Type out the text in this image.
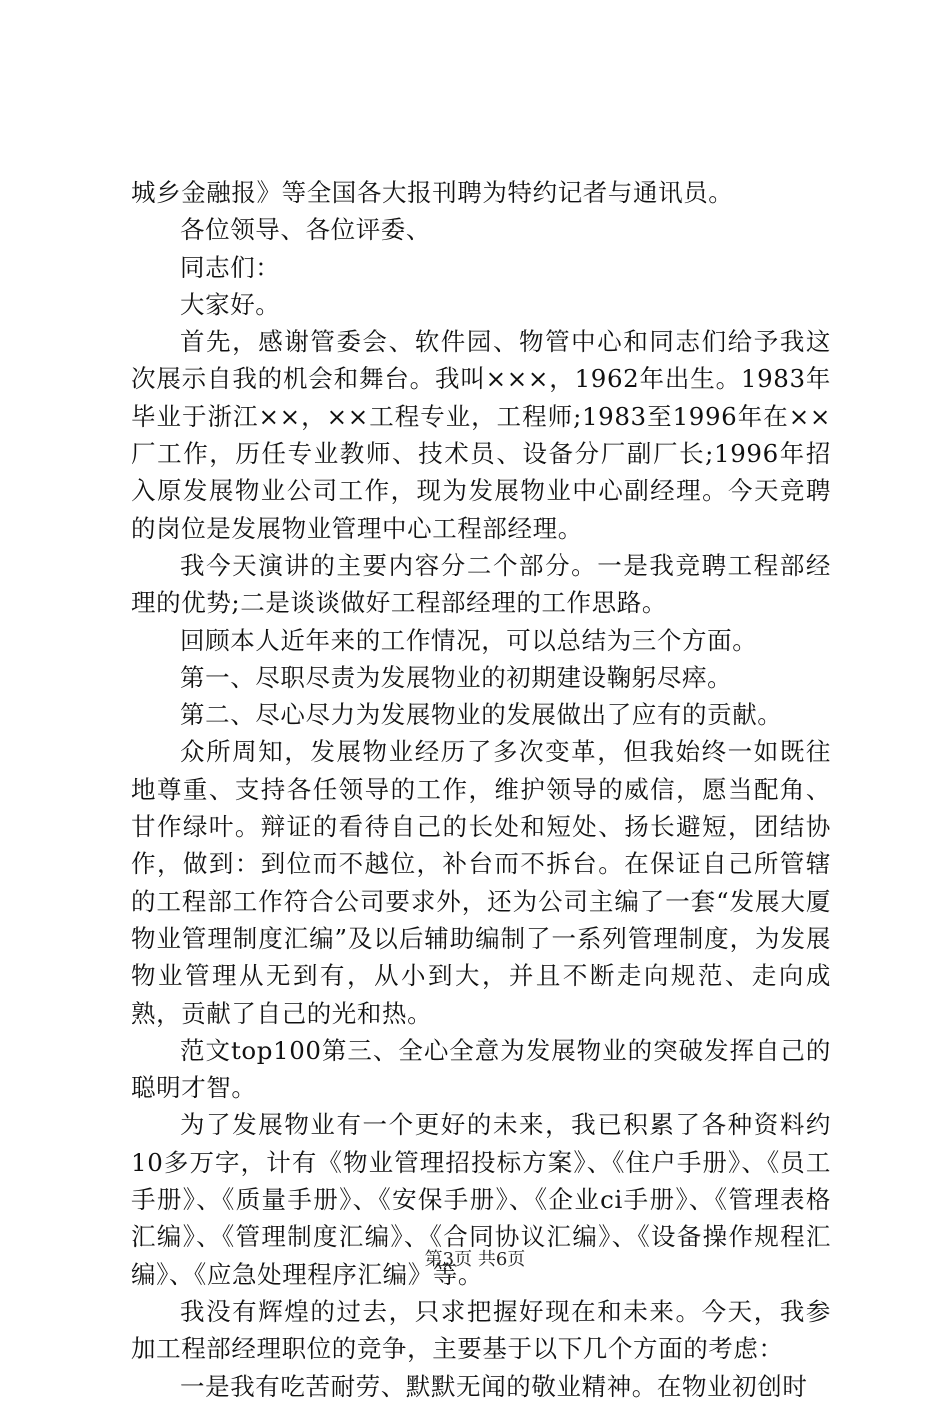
城乡金融报》等全国各大报刊聘为特约记者与通讯员。

各位领导、各位评委、

同志们：

大家好。

首先，感谢管委会、软件园、物管中心和同志们给予我这次展示自我的机会和舞台。我叫×××，1962年出生。1983年毕业于浙江××，××工程专业，工程师;1983至1996年在××厂工作，历任专业教师、技术员、设备分厂副厂长;1996年招入原发展物业公司工作，现为发展物业中心副经理。今天竞聘的岗位是发展物业管理中心工程部经理。

我今天演讲的主要内容分二个部分。一是我竞聘工程部经理的优势;二是谈谈做好工程部经理的工作思路。

回顾本人近年来的工作情况，可以总结为三个方面。

第一、尽职尽责为发展物业的初期建设鞠躬尽瘁。

第二、尽心尽力为发展物业的发展做出了应有的贡献。

众所周知，发展物业经历了多次变革，但我始终一如既往地尊重、支持各任领导的工作，维护领导的威信，愿当配角、甘作绿叶。辩证的看待自己的长处和短处、扬长避短，团结协作，做到：到位而不越位，补台而不拆台。在保证自己所管辖的工程部工作符合公司要求外，还为公司主编了一套“发展大厦物业管理制度汇编”及以后辅助编制了一系列管理制度，为发展物业管理从无到有，从小到大，并且不断走向规范、走向成熟，贡献了自己的光和热。

范文top100第三、全心全意为发展物业的突破发挥自己的聪明才智。

为了发展物业有一个更好的未来，我已积累了各种资料约10多万字，计有《物业管理招投标方案》、《住户手册》、《员工手册》、《质量手册》、《安保手册》、《企业ci手册》、《管理表格汇编》、《管理制度汇编》、《合同协议汇编》、《设备操作规程汇编》、《应急处理程序汇编》等。

我没有辉煌的过去，只求把握好现在和未来。今天，我参加工程部经理职位的竞争，主要基于以下几个方面的考虑：

一是我有吃苦耐劳、默默无闻的敬业精神。在物业初创时

第3页 共6页
